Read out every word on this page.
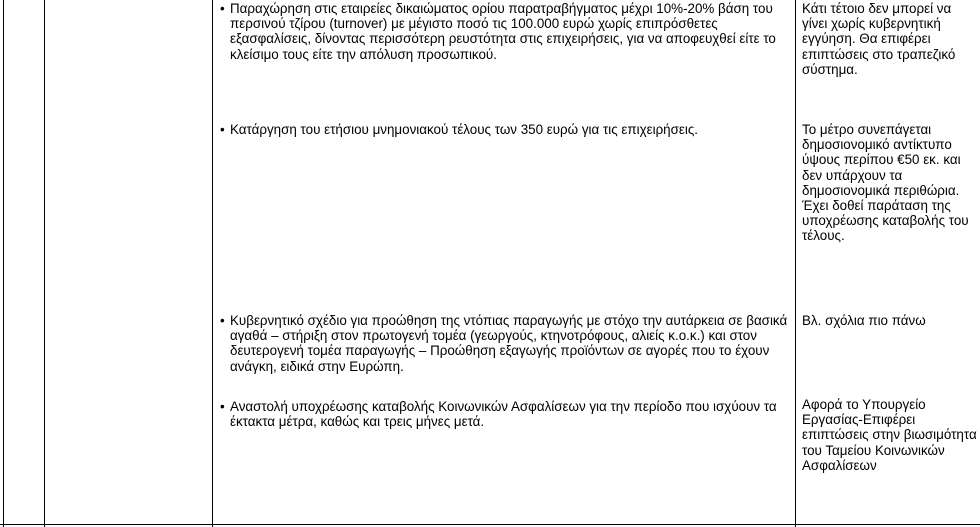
• Παραχώρηση στις εταιρείες δικαιώματος ορίου παρατραβήγματος μέχρι 10%-20% βάση του περσινού τζίρου (turnover) με μέγιστο ποσό τις 100.000 ευρώ χωρίς επιπρόσθετες εξασφαλίσεις, δίνοντας περισσότερη ρευστότητα στις επιχειρήσεις, για να αποφευχθεί είτε το κλείσιμο τους είτε την απόλυση προσωπικού.
Κάτι τέτοιο δεν μπορεί να γίνει χωρίς κυβερνητική εγγύηση. Θα επιφέρει επιπτώσεις στο τραπεζικό σύστημα.
• Κατάργηση του ετήσιου μνημονιακού τέλους των 350 ευρώ για τις επιχειρήσεις.	Το μέτρο συνεπάγεται δημοσιονομικό αντίκτυπο ύψους περίπου €50 εκ. και δεν υπάρχουν τα δημοσιονομικά περιθώρια. Έχει δοθεί παράταση της υποχρέωσης καταβολής του τέλους.
• Κυβερνητικό σχέδιο για προώθηση της ντόπιας παραγωγής με στόχο την αυτάρκεια σε βασικά αγαθά – στήριξη στον πρωτογενή τομέα (γεωργούς, κτηνοτρόφους, αλιείς κ.ο.κ.) και στον δευτερογενή τομέα παραγωγής – Προώθηση εξαγωγής προϊόντων σε αγορές που το έχουν ανάγκη, ειδικά στην Ευρώπη.
Βλ. σχόλια πιο πάνω
• Αναστολή υποχρέωσης καταβολής Κοινωνικών Ασφαλίσεων για την περίοδο που ισχύουν τα έκτακτα μέτρα, καθώς και τρεις μήνες μετά.
Αφορά το Υπουργείο Εργασίας-Επιφέρει επιπτώσεις στην βιωσιμότητα του Ταμείου Κοινωνικών Ασφαλίσεων
